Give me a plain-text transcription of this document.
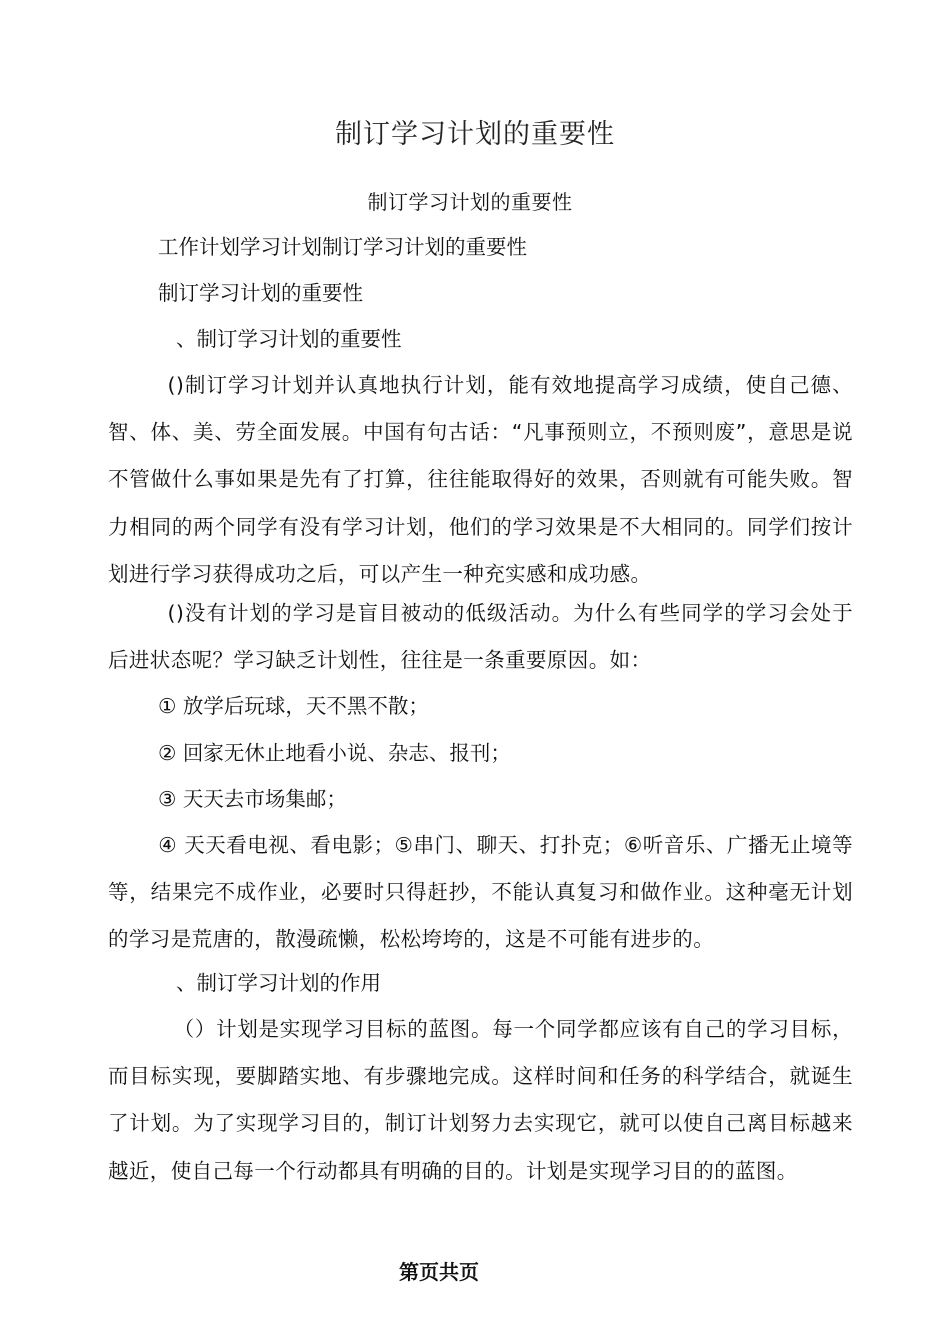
制订学习计划的重要性
制订学习计划的重要性
工作计划学习计划制订学习计划的重要性
制订学习计划的重要性
、制订学习计划的重要性
()制订学习计划并认真地执行计划，能有效地提高学习成绩，使自己德、智、体、美、劳全面发展。中国有句古话：“凡事预则立，不预则废”，意思是说不管做什么事如果是先有了打算，往往能取得好的效果，否则就有可能失败。智力相同的两个同学有没有学习计划，他们的学习效果是不大相同的。同学们按计划进行学习获得成功之后，可以产生一种充实感和成功感。
()没有计划的学习是盲目被动的低级活动。为什么有些同学的学习会处于后进状态呢？学习缺乏计划性，往往是一条重要原因。如：
① 放学后玩球，天不黑不散；
② 回家无休止地看小说、杂志、报刊；
③ 天天去市场集邮；
④ 天天看电视、看电影；⑤串门、聊天、打扑克；⑥听音乐、广播无止境等等，结果完不成作业，必要时只得赶抄，不能认真复习和做作业。这种毫无计划的学习是荒唐的，散漫疏懒，松松垮垮的，这是不可能有进步的。
、制订学习计划的作用
（）计划是实现学习目标的蓝图。每一个同学都应该有自己的学习目标，而目标实现，要脚踏实地、有步骤地完成。这样时间和任务的科学结合，就诞生了计划。为了实现学习目的，制订计划努力去实现它，就可以使自己离目标越来越近，使自己每一个行动都具有明确的目的。计划是实现学习目的的蓝图。
第页共页
